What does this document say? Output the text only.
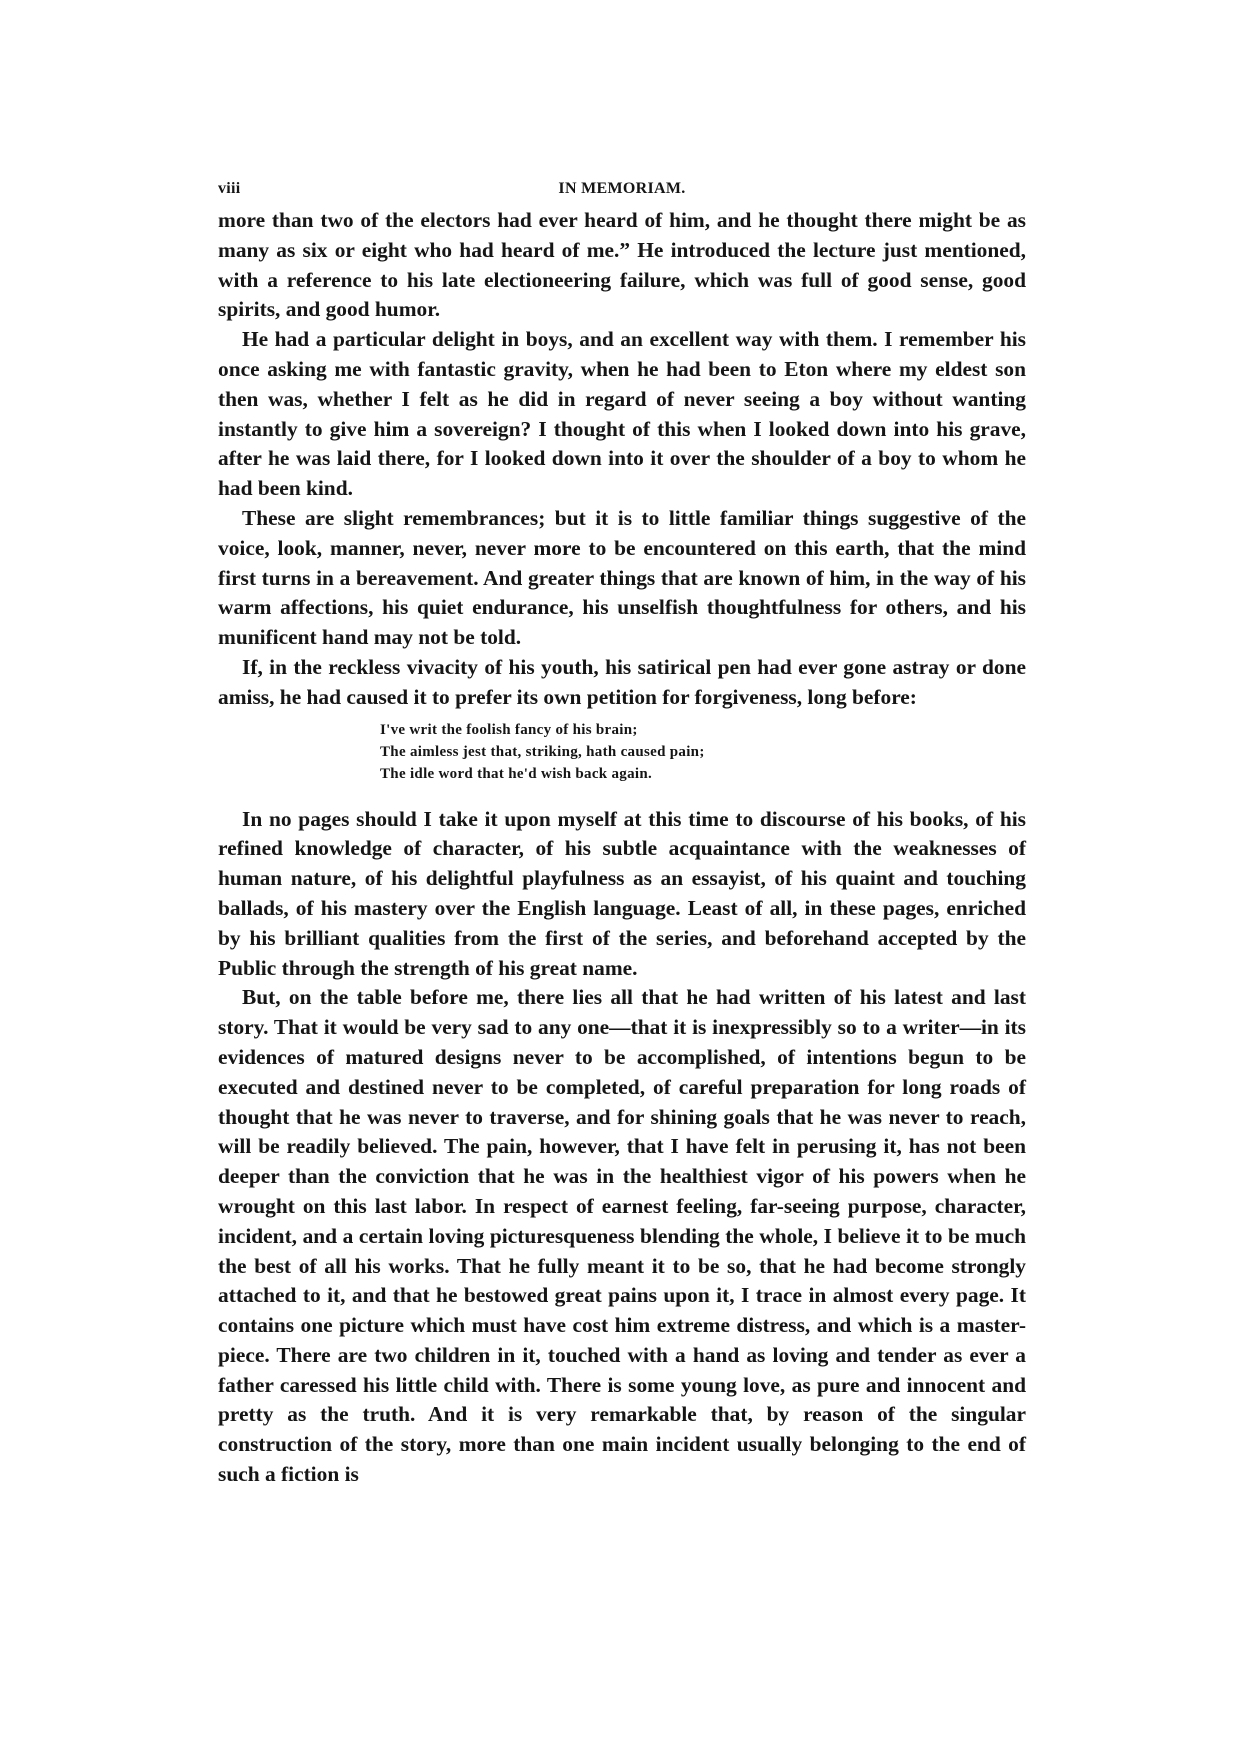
viii	IN MEMORIAM.

more than two of the electors had ever heard of him, and he thought there might be as many as six or eight who had heard of me.” He introduced the lecture just mentioned, with a reference to his late electioneering failure, which was full of good sense, good spirits, and good humor.

He had a particular delight in boys, and an excellent way with them. I remember his once asking me with fantastic gravity, when he had been to Eton where my eldest son then was, whether I felt as he did in regard of never seeing a boy without wanting instantly to give him a sovereign? I thought of this when I looked down into his grave, after he was laid there, for I looked down into it over the shoulder of a boy to whom he had been kind.

These are slight remembrances; but it is to little familiar things suggestive of the voice, look, manner, never, never more to be encountered on this earth, that the mind first turns in a bereavement. And greater things that are known of him, in the way of his warm affections, his quiet endurance, his unselfish thoughtfulness for others, and his munificent hand may not be told.

If, in the reckless vivacity of his youth, his satirical pen had ever gone astray or done amiss, he had caused it to prefer its own petition for forgiveness, long before:

I've writ the foolish fancy of his brain;
The aimless jest that, striking, hath caused pain;
The idle word that he'd wish back again.

In no pages should I take it upon myself at this time to discourse of his books, of his refined knowledge of character, of his subtle acquaintance with the weaknesses of human nature, of his delightful playfulness as an essayist, of his quaint and touching ballads, of his mastery over the English language. Least of all, in these pages, enriched by his brilliant qualities from the first of the series, and beforehand accepted by the Public through the strength of his great name.

But, on the table before me, there lies all that he had written of his latest and last story. That it would be very sad to any one—that it is inexpressibly so to a writer—in its evidences of matured designs never to be accomplished, of intentions begun to be executed and destined never to be completed, of careful preparation for long roads of thought that he was never to traverse, and for shining goals that he was never to reach, will be readily believed. The pain, however, that I have felt in perusing it, has not been deeper than the conviction that he was in the healthiest vigor of his powers when he wrought on this last labor. In respect of earnest feeling, far-seeing purpose, character, incident, and a certain loving picturesqueness blending the whole, I believe it to be much the best of all his works. That he fully meant it to be so, that he had become strongly attached to it, and that he bestowed great pains upon it, I trace in almost every page. It contains one picture which must have cost him extreme distress, and which is a master-piece. There are two children in it, touched with a hand as loving and tender as ever a father caressed his little child with. There is some young love, as pure and innocent and pretty as the truth. And it is very remarkable that, by reason of the singular construction of the story, more than one main incident usually belonging to the end of such a fiction is
